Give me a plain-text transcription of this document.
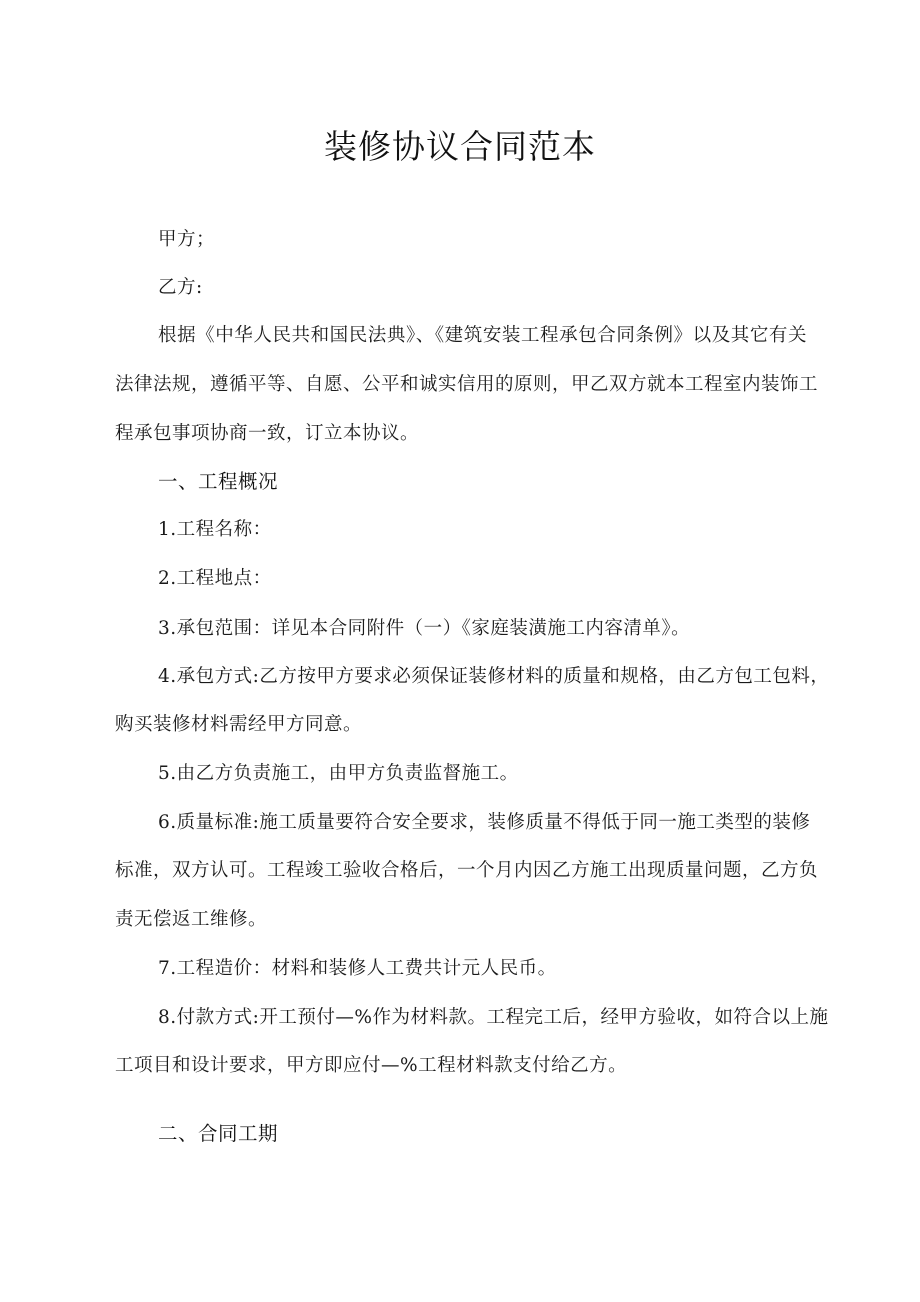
装修协议合同范本
甲方；
乙方:
根据《中华人民共和国民法典》、《建筑安装工程承包合同条例》以及其它有关
法律法规，遵循平等、自愿、公平和诚实信用的原则，甲乙双方就本工程室内装饰工
程承包事项协商一致，订立本协议。
一、工程概况
1.工程名称：
2.工程地点：
3.承包范围：详见本合同附件（一）《家庭装潢施工内容清单》。
4.承包方式:乙方按甲方要求必须保证装修材料的质量和规格，由乙方包工包料，
购买装修材料需经甲方同意。
5.由乙方负责施工，由甲方负责监督施工。
6.质量标准:施工质量要符合安全要求，装修质量不得低于同一施工类型的装修
标准，双方认可。工程竣工验收合格后，一个月内因乙方施工出现质量问题，乙方负
责无偿返工维修。
7.工程造价：材料和装修人工费共计元人民币。
8.付款方式:开工预付—%作为材料款。工程完工后，经甲方验收，如符合以上施
工项目和设计要求，甲方即应付—%工程材料款支付给乙方。
二、合同工期
